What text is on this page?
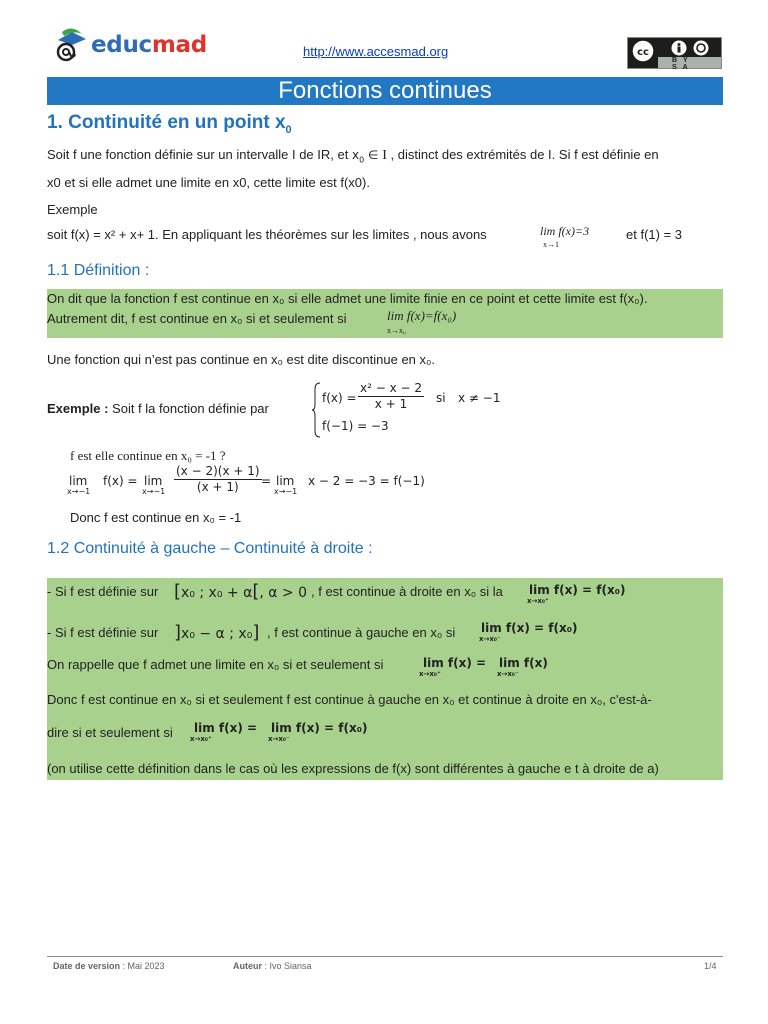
educmad	http://www.accesmad.org	cc
BY SA
Fonctions continues
1. Continuité en un point $x_0$
Soit f une fonction définie sur un intervalle I de IR, et $x_0$ ∈ I , distinct des extrémités de I. Si f est définie en
x0 et si elle admet une limite en x0, cette limite est f(x0).
Exemple
soit f(x) = x² + x+ 1. En appliquant les théorèmes sur les limites , nous avons	lim f(x)=3
x→1
et f(1) = 3
1.1 Définition :
On dit que la fonction f est continue en x₀ si elle admet une limite finie en ce point et cette limite est f(x₀).
Autrement dit, f est continue en x₀ si et seulement si	lim f(x)=f(x₀)
x→x₀
Une fonction qui n’est pas continue en x₀ est dite discontinue en x₀.
Exemple : Soit f la fonction définie par
$f(x) = \frac{\text{x² − x − 2}}{x + 1}$ si x ≠ −1
f(−1) = −3
f est elle continue en x₀ = -1 ?
lim
x→−1
f(x) = lim
$x\to-1 \frac{(x - 2)(x + 1)}{(x + 1)} = \lim$
x→−1
x − 2 = −3 = f(−1)
Donc f est continue en x₀ = -1
1.2 Continuité à gauche – Continuité à droite :
- Si f est définie sur [x₀ ; x₀ + α[, α > 0 , f est continue à droite en x₀ si la lim f(x) = f(x₀)
x→x₀⁺
- Si f est définie sur ]x₀ − α ; x₀] , f est continue à gauche en x₀ si lim f(x) = f(x₀)
x→x₀⁻
On rappelle que f admet une limite en x₀ si et seulement si	lim f(x) =
x→x₀⁺
lim f(x)
x→x₀⁻
Donc f est continue en x₀ si et seulement f est continue à gauche en x₀ et continue à droite en x₀, c'est-à-
dire si et seulement si lim f(x) =
x→x₀⁺
lim f(x) = f(x₀)
x→x₀⁻
(on utilise cette définition dans le cas où les expressions de f(x) sont différentes à gauche e t à droite de a)
Date de version : Mai 2023	Auteur : Ivo Siansa	1/4
